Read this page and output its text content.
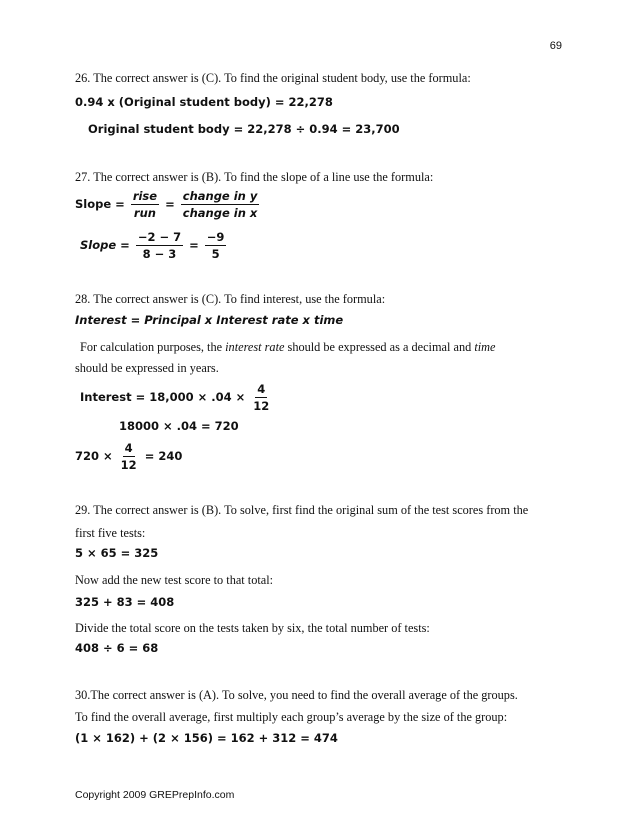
69
26. The correct answer is (C). To find the original student body, use the formula:
0.94 x (Original student body) = 22,278
Original student body = 22,278 ÷ 0.94 = 23,700
27. The correct answer is (B). To find the slope of a line use the formula:
Slope = $\frac{\text{rise}}{\text{run}} = \frac{\text{change in y}}{\text{change in x}}$
Slope = $\frac{-2 - 7}{8 - 3} = \frac{-9}{5}$
28. The correct answer is (C). To find interest, use the formula:
Interest = Principal x Interest rate x time
For calculation purposes, the interest rate should be expressed as a decimal and time
should be expressed in years.
Interest = $18,000 \times .04 \times \frac{4}{12}$
18000 × .04 = 720
$720 \times \frac{4}{12} = 240$
29. The correct answer is (B). To solve, first find the original sum of the test scores from the
first five tests:
5 × 65 = 325
Now add the new test score to that total:
325 + 83 = 408
Divide the total score on the tests taken by six, the total number of tests:
408 ÷ 6 = 68
30.The correct answer is (A). To solve, you need to find the overall average of the groups.
To find the overall average, first multiply each group’s average by the size of the group:
(1 × 162) + (2 × 156) = 162 + 312 = 474
Copyright 2009 GREPrepInfo.com
